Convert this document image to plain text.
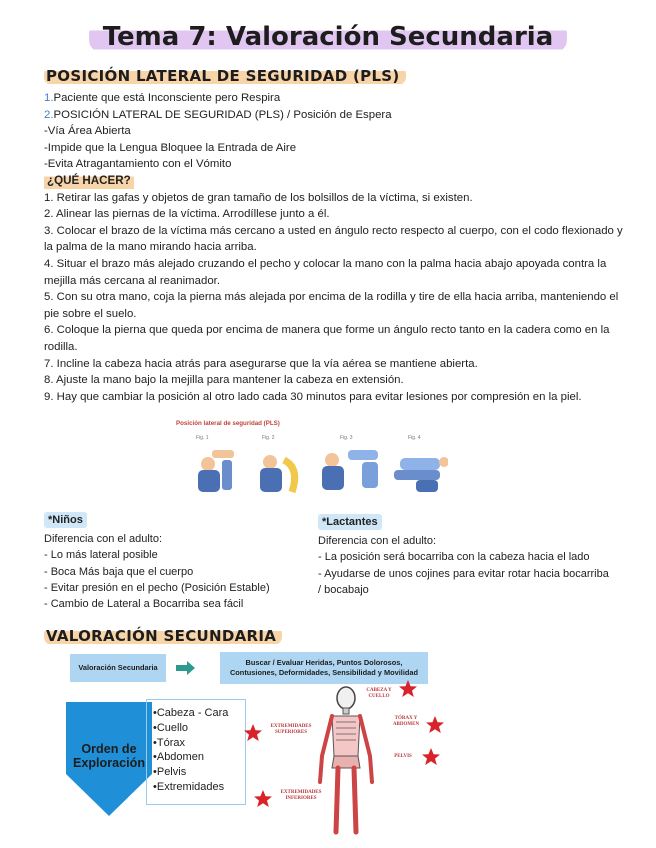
Tema 7: Valoración Secundaria
POSICIÓN LATERAL DE SEGURIDAD (PLS)

1.Paciente que está Inconsciente pero Respira

2.POSICIÓN LATERAL DE SEGURIDAD (PLS) / Posición de Espera

-Vía Área Abierta

-Impide que la Lengua Bloquee la Entrada de Aire

-Evita Atragantamiento con el Vómito

¿QUÉ HACER?

1. Retirar las gafas y objetos de gran tamaño de los bolsillos de la víctima, si existen.

2. Alinear las piernas de la víctima. Arrodíllese junto a él.

3. Colocar el brazo de la víctima más cercano a usted en ángulo recto respecto al cuerpo, con el codo flexionado y la palma de la mano mirando hacia arriba.

4. Situar el brazo más alejado cruzando el pecho y colocar la mano con la palma hacia abajo apoyada contra la mejilla más cercana al reanimador.

5. Con su otra mano, coja la pierna más alejada por encima de la rodilla y tire de ella hacia arriba, manteniendo el pie sobre el suelo.

6. Coloque la pierna que queda por encima de manera que forme un ángulo recto tanto en la cadera como en la rodilla.

7. Incline la cabeza hacia atrás para asegurarse que la vía aérea se mantiene abierta.

8. Ajuste la mano bajo la mejilla para mantener la cabeza en extensión.

9. Hay que cambiar la posición al otro lado cada 30 minutos para evitar lesiones por compresión en la piel.

Posición lateral de seguridad (PLS)
Fig. 1	Fig. 2	Fig. 3	Fig. 4
*Niños

Diferencia con el adulto:

- Lo más lateral posible

- Boca Más baja que el cuerpo

- Evitar presión en el pecho (Posición Estable)

- Cambio de Lateral a Bocarriba sea fácil

*Lactantes

Diferencia con el adulto:

- La posición será bocarriba con la cabeza hacia el lado

- Ayudarse de unos cojines para evitar rotar hacia bocarriba / bocabajo

VALORACIÓN SECUNDARIA
Valoración Secundaria
Buscar / Evaluar Heridas, Puntos Dolorosos, Contusiones, Deformidades, Sensibilidad y Movilidad
Orden de Exploración

•Cabeza - Cara

•Cuello

•Tórax

•Abdomen

•Pelvis

•Extremidades

CABEZA Y CUELLO
TÓRAX Y ABDOMEN
PELVIS
EXTREMIDADES SUPERIORES
EXTREMIDADES INFERIORES
